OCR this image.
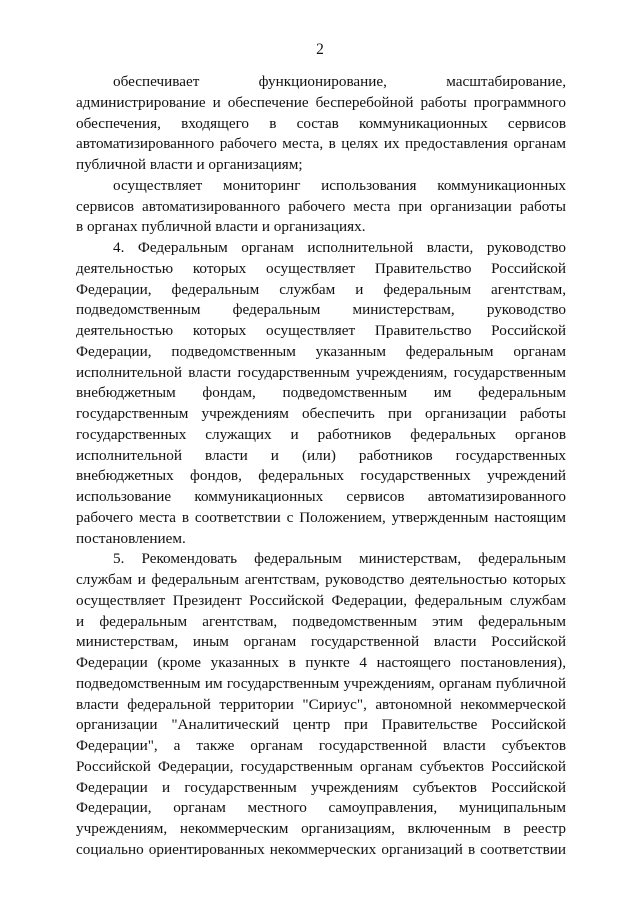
2
обеспечивает функционирование, масштабирование,
администрирование и обеспечение бесперебойной работы программного
обеспечения, входящего в состав коммуникационных сервисов
автоматизированного рабочего места, в целях их предоставления органам
публичной власти и организациям;
осуществляет мониторинг использования коммуникационных
сервисов автоматизированного рабочего места при организации работы
в органах публичной власти и организациях.
4. Федеральным органам исполнительной власти, руководство
деятельностью которых осуществляет Правительство Российской
Федерации, федеральным службам и федеральным агентствам,
подведомственным федеральным министерствам, руководство
деятельностью которых осуществляет Правительство Российской
Федерации, подведомственным указанным федеральным органам
исполнительной власти государственным учреждениям, государственным
внебюджетным фондам, подведомственным им федеральным
государственным учреждениям обеспечить при организации работы
государственных служащих и работников федеральных органов
исполнительной власти и (или) работников государственных
внебюджетных фондов, федеральных государственных учреждений
использование коммуникационных сервисов автоматизированного
рабочего места в соответствии с Положением, утвержденным настоящим
постановлением.
5. Рекомендовать федеральным министерствам, федеральным
службам и федеральным агентствам, руководство деятельностью которых
осуществляет Президент Российской Федерации, федеральным службам
и федеральным агентствам, подведомственным этим федеральным
министерствам, иным органам государственной власти Российской
Федерации (кроме указанных в пункте 4 настоящего постановления),
подведомственным им государственным учреждениям, органам публичной
власти федеральной территории "Сириус", автономной некоммерческой
организации "Аналитический центр при Правительстве Российской
Федерации", а также органам государственной власти субъектов
Российской Федерации, государственным органам субъектов Российской
Федерации и государственным учреждениям субъектов Российской
Федерации, органам местного самоуправления, муниципальным
учреждениям, некоммерческим организациям, включенным в реестр
социально ориентированных некоммерческих организаций в соответствии
